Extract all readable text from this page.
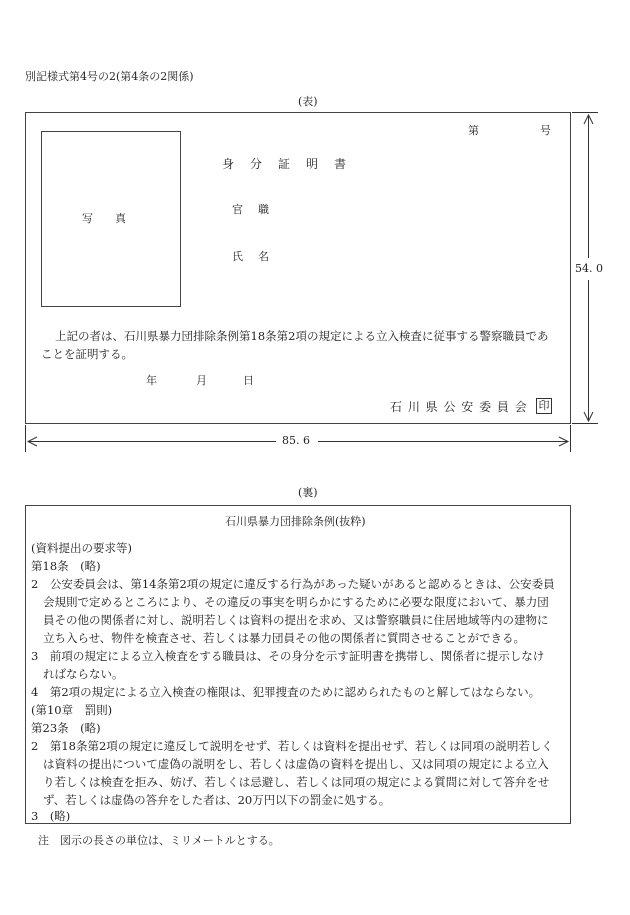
別記様式第4号の2(第4条の2関係)
(表)
第	号
写　　真
身　分　証　明　書
官　職
氏　名
上記の者は、石川県暴力団排除条例第18条第2項の規定による立入検査に従事する警察職員であ
ことを証明する。
年	月	日
石 川 県 公 安 委 員 会 印
54. 0
85. 6
(裏)
石川県暴力団排除条例(抜粋)
(資料提出の要求等)
第18条　(略)
2　公安委員会は、第14条第2項の規定に違反する行為があった疑いがあると認めるときは、公安委員
会規則で定めるところにより、その違反の事実を明らかにするために必要な限度において、暴力団
員その他の関係者に対し、説明若しくは資料の提出を求め、又は警察職員に住居地域等内の建物に
立ち入らせ、物件を検査させ、若しくは暴力団員その他の関係者に質問させることができる。
3　前項の規定による立入検査をする職員は、その身分を示す証明書を携帯し、関係者に提示しなけ
ればならない。
4　第2項の規定による立入検査の権限は、犯罪捜査のために認められたものと解してはならない。
(第10章　罰則)
第23条　(略)
2　第18条第2項の規定に違反して説明をせず、若しくは資料を提出せず、若しくは同項の説明若しく
は資料の提出について虚偽の説明をし、若しくは虚偽の資料を提出し、又は同項の規定による立入
り若しくは検査を拒み、妨げ、若しくは忌避し、若しくは同項の規定による質問に対して答弁をせ
ず、若しくは虚偽の答弁をした者は、20万円以下の罰金に処する。
3　(略)
注　図示の長さの単位は、ミリメートルとする。
